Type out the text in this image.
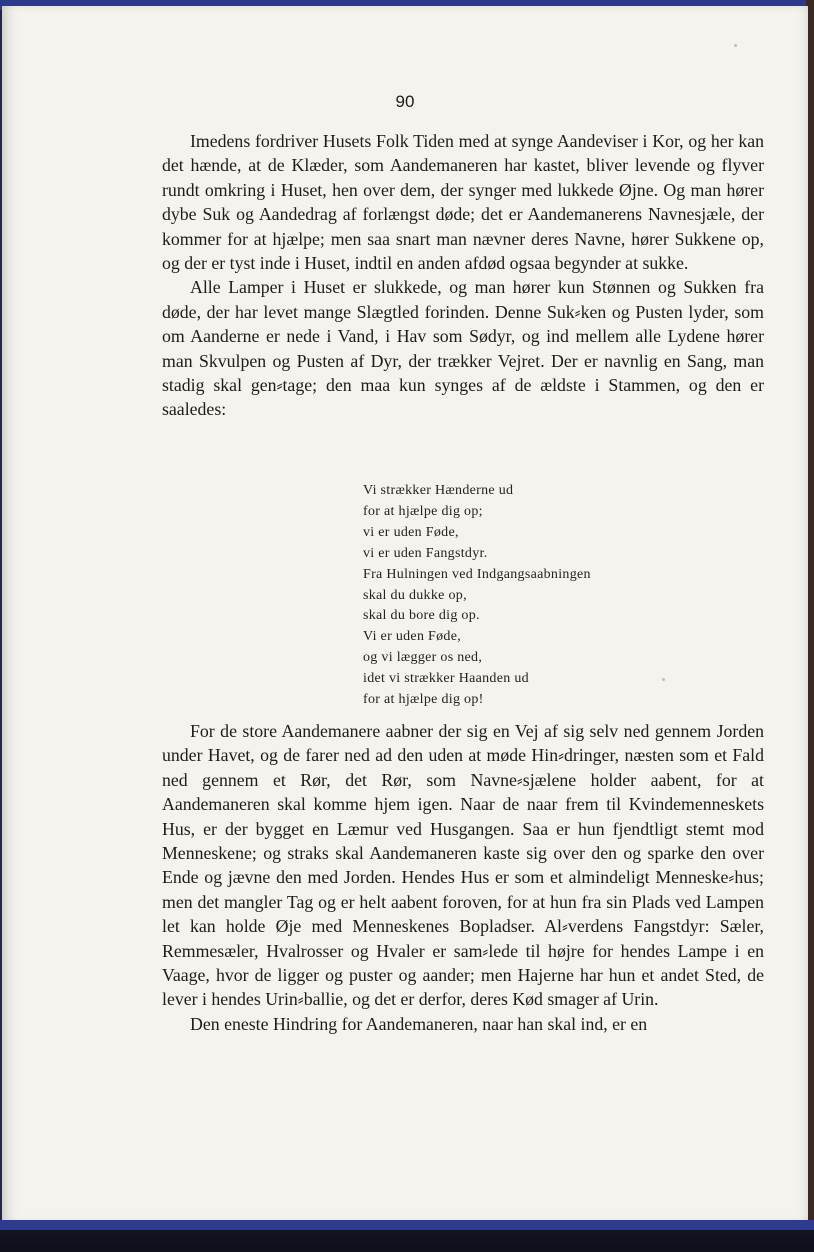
90

Imedens fordriver Husets Folk Tiden med at synge Aandeviser i Kor, og her kan det hænde, at de Klæder, som Aandemaneren har kastet, bliver levende og flyver rundt omkring i Huset, hen over dem, der synger med lukkede Øjne. Og man hører dybe Suk og Aandedrag af forlængst døde; det er Aandemanerens Navnesjæle, der kommer for at hjælpe; men saa snart man nævner deres Navne, hører Sukkene op, og der er tyst inde i Huset, indtil en anden afdød ogsaa begynder at sukke.

Alle Lamper i Huset er slukkede, og man hører kun Stønnen og Sukken fra døde, der har levet mange Slægtled forinden. Denne Suk⸗ken og Pusten lyder, som om Aanderne er nede i Vand, i Hav som Sødyr, og ind mellem alle Lydene hører man Skvulpen og Pusten af Dyr, der trækker Vejret. Der er navnlig en Sang, man stadig skal gen⸗tage; den maa kun synges af de ældste i Stammen, og den er saaledes:

Vi strækker Hænderne ud
for at hjælpe dig op;
vi er uden Føde,
vi er uden Fangstdyr.
Fra Hulningen ved Indgangsaabningen
skal du dukke op,
skal du bore dig op.
Vi er uden Føde,
og vi lægger os ned,
idet vi strækker Haanden ud
for at hjælpe dig op!

For de store Aandemanere aabner der sig en Vej af sig selv ned gennem Jorden under Havet, og de farer ned ad den uden at møde Hin⸗dringer, næsten som et Fald ned gennem et Rør, det Rør, som Navne⸗sjælene holder aabent, for at Aandemaneren skal komme hjem igen. Naar de naar frem til Kvindemenneskets Hus, er der bygget en Læmur ved Husgangen. Saa er hun fjendtligt stemt mod Menneskene; og straks skal Aandemaneren kaste sig over den og sparke den over Ende og jævne den med Jorden. Hendes Hus er som et almindeligt Menneske⸗hus; men det mangler Tag og er helt aabent foroven, for at hun fra sin Plads ved Lampen let kan holde Øje med Menneskenes Bopladser. Al⸗verdens Fangstdyr: Sæler, Remmesæler, Hvalrosser og Hvaler er sam⸗lede til højre for hendes Lampe i en Vaage, hvor de ligger og puster og aander; men Hajerne har hun et andet Sted, de lever i hendes Urin⸗ballie, og det er derfor, deres Kød smager af Urin.

Den eneste Hindring for Aandemaneren, naar han skal ind, er en
